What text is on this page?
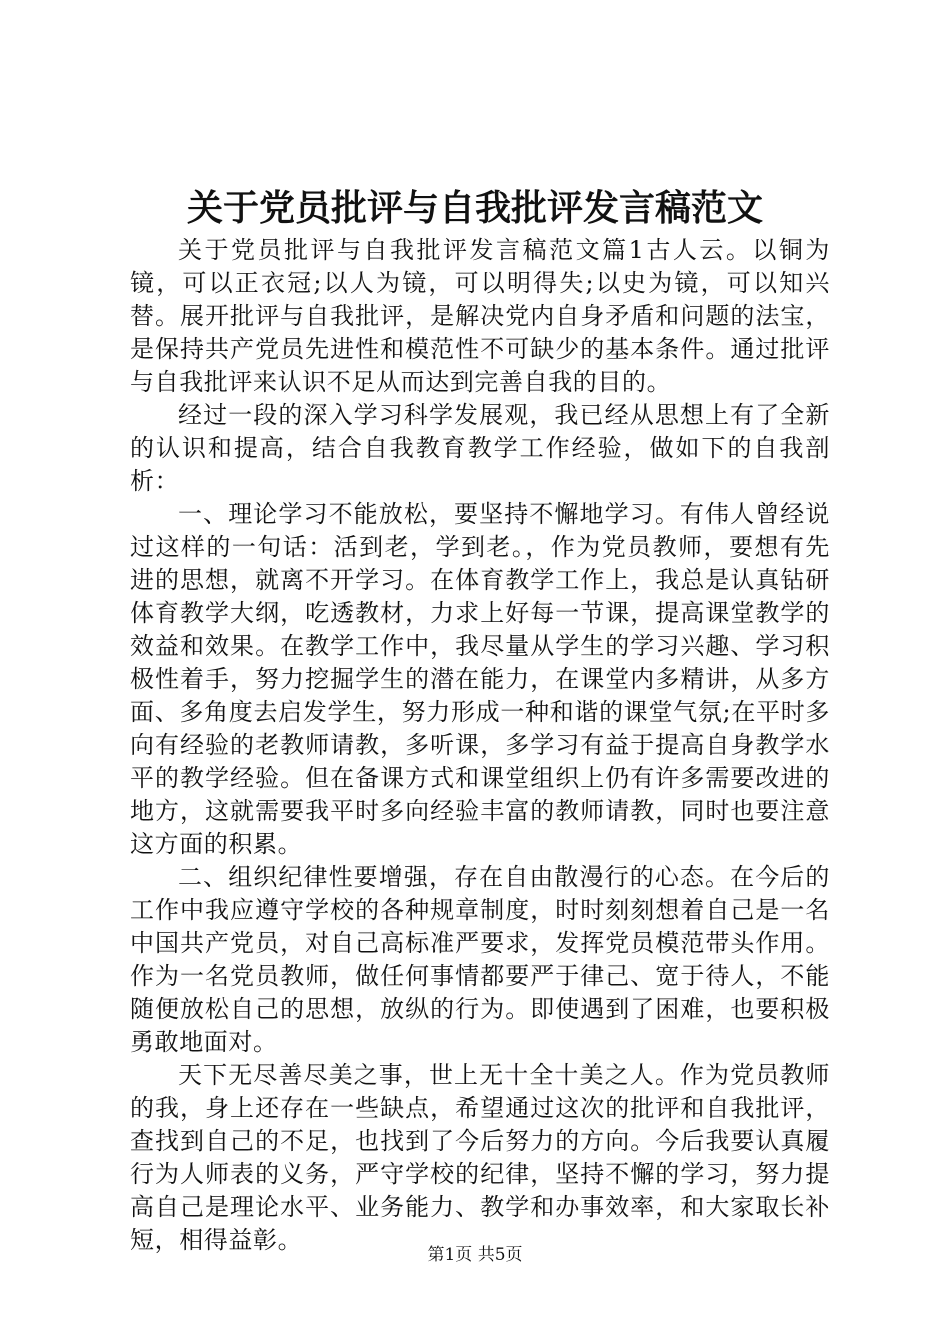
关于党员批评与自我批评发言稿范文

关于党员批评与自我批评发言稿范文篇1古人云。以铜为镜，可以正衣冠;以人为镜，可以明得失;以史为镜，可以知兴替。展开批评与自我批评，是解决党内自身矛盾和问题的法宝，是保持共产党员先进性和模范性不可缺少的基本条件。通过批评与自我批评来认识不足从而达到完善自我的目的。

经过一段的深入学习科学发展观，我已经从思想上有了全新的认识和提高，结合自我教育教学工作经验，做如下的自我剖析：

一、理论学习不能放松，要坚持不懈地学习。有伟人曾经说过这样的一句话：活到老，学到老。，作为党员教师，要想有先进的思想，就离不开学习。在体育教学工作上，我总是认真钻研体育教学大纲，吃透教材，力求上好每一节课，提高课堂教学的效益和效果。在教学工作中，我尽量从学生的学习兴趣、学习积极性着手，努力挖掘学生的潜在能力，在课堂内多精讲，从多方面、多角度去启发学生，努力形成一种和谐的课堂气氛;在平时多向有经验的老教师请教，多听课，多学习有益于提高自身教学水平的教学经验。但在备课方式和课堂组织上仍有许多需要改进的地方，这就需要我平时多向经验丰富的教师请教，同时也要注意这方面的积累。

二、组织纪律性要增强，存在自由散漫行的心态。在今后的工作中我应遵守学校的各种规章制度，时时刻刻想着自己是一名中国共产党员，对自己高标准严要求，发挥党员模范带头作用。作为一名党员教师，做任何事情都要严于律己、宽于待人，不能随便放松自己的思想，放纵的行为。即使遇到了困难，也要积极勇敢地面对。

天下无尽善尽美之事，世上无十全十美之人。作为党员教师的我，身上还存在一些缺点，希望通过这次的批评和自我批评，查找到自己的不足，也找到了今后努力的方向。今后我要认真履行为人师表的义务，严守学校的纪律，坚持不懈的学习，努力提高自己是理论水平、业务能力、教学和办事效率，和大家取长补短，相得益彰。

第1页 共5页
